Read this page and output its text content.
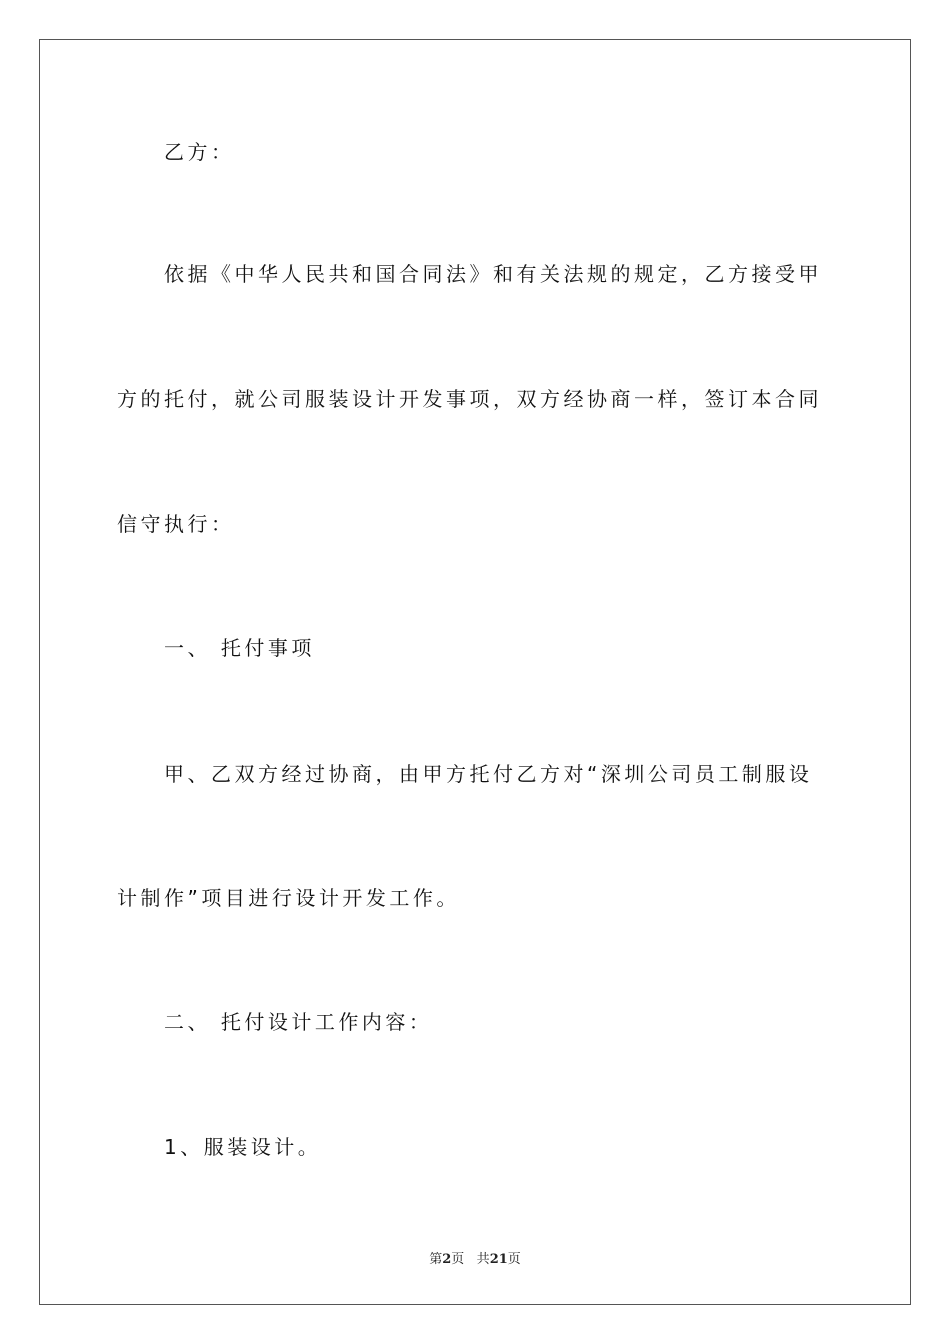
乙方：
依据《中华人民共和国合同法》和有关法规的规定，乙方接受甲
方的托付，就公司服装设计开发事项，双方经协商一样，签订本合同
信守执行：
一、 托付事项
甲、乙双方经过协商，由甲方托付乙方对“深圳公司员工制服设
计制作”项目进行设计开发工作。
二、 托付设计工作内容：
1、服装设计。
第2页 共21页
